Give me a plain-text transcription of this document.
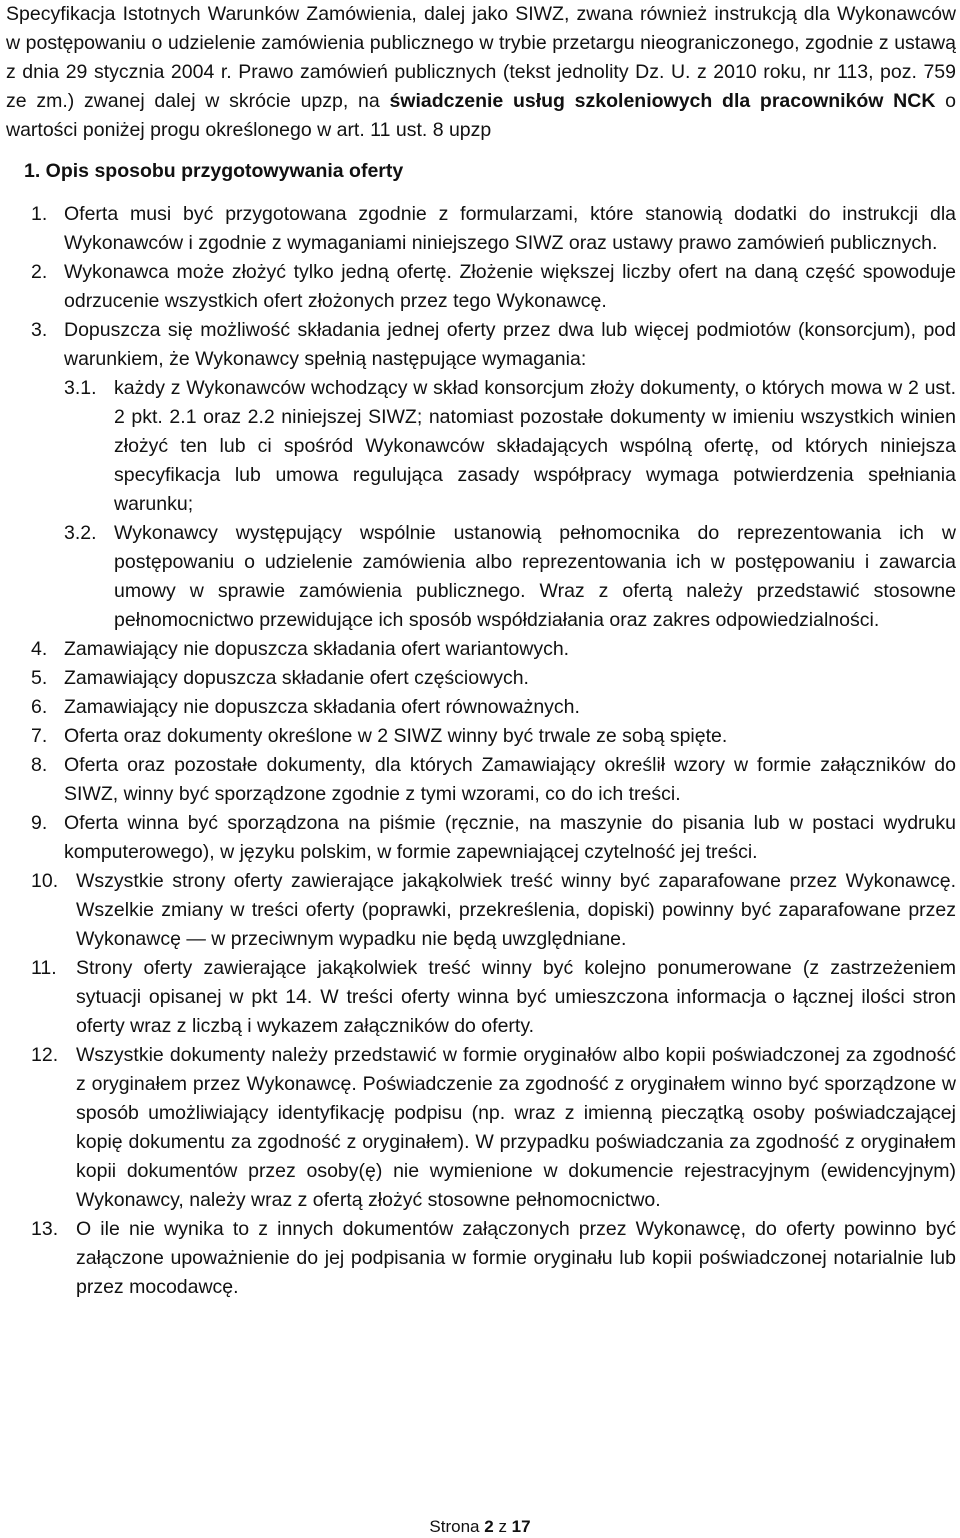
Specyfikacja Istotnych Warunków Zamówienia, dalej jako SIWZ, zwana również instrukcją dla Wykonawców w postępowaniu o udzielenie zamówienia publicznego w trybie przetargu nieograniczonego, zgodnie z ustawą z dnia 29 stycznia 2004 r. Prawo zamówień publicznych (tekst jednolity Dz. U. z 2010 roku, nr 113, poz. 759 ze zm.) zwanej dalej w skrócie upzp, na świadczenie usług szkoleniowych dla pracowników NCK o wartości poniżej progu określonego w art. 11 ust. 8 upzp

1. Opis sposobu przygotowywania oferty

1. Oferta musi być przygotowana zgodnie z formularzami, które stanowią dodatki do instrukcji dla Wykonawców i zgodnie z wymaganiami niniejszego SIWZ oraz ustawy prawo zamówień publicznych.

2. Wykonawca może złożyć tylko jedną ofertę. Złożenie większej liczby ofert na daną część spowoduje odrzucenie wszystkich ofert złożonych przez tego Wykonawcę.

3. Dopuszcza się możliwość składania jednej oferty przez dwa lub więcej podmiotów (konsorcjum), pod warunkiem, że Wykonawcy spełnią następujące wymagania:

3.1. każdy z Wykonawców wchodzący w skład konsorcjum złoży dokumenty, o których mowa w 2 ust. 2 pkt. 2.1 oraz 2.2 niniejszej SIWZ; natomiast pozostałe dokumenty w imieniu wszystkich winien złożyć ten lub ci spośród Wykonawców składających wspólną ofertę, od których niniejsza specyfikacja lub umowa regulująca zasady współpracy wymaga potwierdzenia spełniania warunku;

3.2. Wykonawcy występujący wspólnie ustanowią pełnomocnika do reprezentowania ich w postępowaniu o udzielenie zamówienia albo reprezentowania ich w postępowaniu i zawarcia umowy w sprawie zamówienia publicznego. Wraz z ofertą należy przedstawić stosowne pełnomocnictwo przewidujące ich sposób współdziałania oraz zakres odpowiedzialności.

4. Zamawiający nie dopuszcza składania ofert wariantowych.

5. Zamawiający dopuszcza składanie ofert częściowych.

6. Zamawiający nie dopuszcza składania ofert równoważnych.

7. Oferta oraz dokumenty określone w 2 SIWZ winny być trwale ze sobą spięte.

8. Oferta oraz pozostałe dokumenty, dla których Zamawiający określił wzory w formie załączników do SIWZ, winny być sporządzone zgodnie z tymi wzorami, co do ich treści.

9. Oferta winna być sporządzona na piśmie (ręcznie, na maszynie do pisania lub w postaci wydruku komputerowego), w języku polskim, w formie zapewniającej czytelność jej treści.

10. Wszystkie strony oferty zawierające jakąkolwiek treść winny być zaparafowane przez Wykonawcę. Wszelkie zmiany w treści oferty (poprawki, przekreślenia, dopiski) powinny być zaparafowane przez Wykonawcę — w przeciwnym wypadku nie będą uwzględniane.

11. Strony oferty zawierające jakąkolwiek treść winny być kolejno ponumerowane (z zastrzeżeniem sytuacji opisanej w pkt 14. W treści oferty winna być umieszczona informacja o łącznej ilości stron oferty wraz z liczbą i wykazem załączników do oferty.

12. Wszystkie dokumenty należy przedstawić w formie oryginałów albo kopii poświadczonej za zgodność z oryginałem przez Wykonawcę. Poświadczenie za zgodność z oryginałem winno być sporządzone w sposób umożliwiający identyfikację podpisu (np. wraz z imienną pieczątką osoby poświadczającej kopię dokumentu za zgodność z oryginałem). W przypadku poświadczania za zgodność z oryginałem kopii dokumentów przez osoby(ę) nie wymienione w dokumencie rejestracyjnym (ewidencyjnym) Wykonawcy, należy wraz z ofertą złożyć stosowne pełnomocnictwo.

13. O ile nie wynika to z innych dokumentów załączonych przez Wykonawcę, do oferty powinno być załączone upoważnienie do jej podpisania w formie oryginału lub kopii poświadczonej notarialnie lub przez mocodawcę.

Strona 2 z 17
